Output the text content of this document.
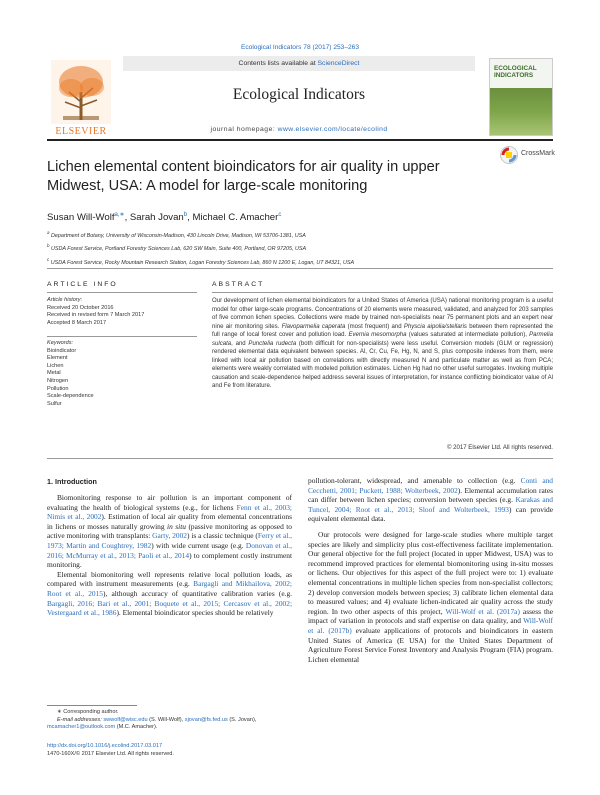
Ecological Indicators 78 (2017) 253–263
ELSEVIER
Contents lists available at ScienceDirect
Ecological Indicators
journal homepage: www.elsevier.com/locate/ecolind
ECOLOGICAL INDICATORS
Lichen elemental content bioindicators for air quality in upper Midwest, USA: A model for large-scale monitoring
CrossMark
Susan Will-Wolf$^{a,∗}$, Sarah Jovan$^b$, Michael C. Amacher$^c$
$^a$ Department of Botany, University of Wisconsin-Madison, 430 Lincoln Drive, Madison, WI 53706-1381, USA
$^b$ USDA Forest Service, Portland Forestry Sciences Lab, 620 SW Main, Suite 400, Portland, OR 97205, USA
$^c$ USDA Forest Service, Rocky Mountain Research Station, Logan Forestry Sciences Lab, 860 N 1200 E, Logan, UT 84321, USA
ARTICLE INFO	ABSTRACT
Article history:
Received 20 October 2016
Received in revised form 7 March 2017
Accepted 8 March 2017
Keywords:
Bioindicator
Element
Lichen
Metal
Nitrogen
Pollution
Scale-dependence
Sulfur
Our development of lichen elemental bioindicators for a United States of America (USA) national monitoring program is a useful model for other large-scale programs. Concentrations of 20 elements were measured, validated, and analyzed for 203 samples of five common lichen species. Collections were made by trained non-specialists near 75 permanent plots and an expert near nine air monitoring sites. Flavoparmelia caperata (most frequent) and Physcia aipolia/stellaris between them represented the full range of local forest cover and pollution load. Evernia mesomorpha (values saturated at intermediate pollution), Parmelia sulcata, and Punctelia rudecta (both difficult for non-specialists) were less useful. Conversion models (GLM or regression) rendered elemental data equivalent between species. Al, Cr, Cu, Fe, Hg, N, and S, plus composite indexes from them, were linked with local air pollution based on correlations with directly measured N and particulate matter as well as from PCA; elements were weakly correlated with modeled pollution estimates. Lichen Hg had no other useful surrogates. Invoking multiple causation and scale-dependence helped address several issues of interpretation, for instance conflicting bioindicator value of Al and Fe from literature.
© 2017 Elsevier Ltd. All rights reserved.
1. Introduction

Biomonitoring response to air pollution is an important component of evaluating the health of biological systems (e.g., for lichens Fenn et al., 2003; Nimis et al., 2002). Estimation of local air quality from elemental concentrations in lichens or mosses naturally growing in situ (passive monitoring as opposed to active monitoring with transplants: Garty, 2002) is a classic technique (Ferry et al., 1973; Martin and Coughtrey, 1982) with wide current usage (e.g. Donovan et al., 2016; McMurray et al., 2013; Paoli et al., 2014) to complement costly instrument monitoring.

Elemental biomonitoring well represents relative local pollution loads, as compared with instrument measurements (e.g. Bargagli and Mikhailova, 2002; Root et al., 2015), although accuracy of quantitative calibration varies (e.g. Bargagli, 2016; Bari et al., 2001; Boquete et al., 2015; Cercasov et al., 2002; Vestergaard et al., 1986). Elemental bioindicator species should be relatively

pollution-tolerant, widespread, and amenable to collection (e.g. Conti and Cecchetti, 2001; Puckett, 1988; Wolterbeek, 2002). Elemental accumulation rates can differ between lichen species; conversion between species (e.g. Karakas and Tuncel, 2004; Root et al., 2013; Sloof and Wolterbeek, 1993) can provide equivalent elemental data.

Our protocols were designed for large-scale studies where multiple target species are likely and simplicity plus cost-effectiveness facilitate implementation. Our general objective for the full project (located in upper Midwest, USA) was to recommend improved practices for elemental biomonitoring using in-situ mosses or lichens. Our objectives for this aspect of the full project were to: 1) evaluate elemental concentrations in multiple lichen species from non-specialist collectors; 2) develop conversion models between species; 3) calibrate lichen elemental data to measured values; and 4) evaluate lichen-indicated air quality across the study region. In two other aspects of this project, Will-Wolf et al. (2017a) assess the impact of variation in protocols and staff expertise on data quality, and Will-Wolf et al. (2017b) evaluate applications of protocols and bioindicators in eastern United States of America (E USA) for the United States Department of Agriculture Forest Service Forest Inventory and Analysis Program (FIA) program. Lichen elemental

∗ Corresponding author.
E-mail addresses: swwolf@wisc.edu (S. Will-Wolf), sjovan@fs.fed.us (S. Jovan),
mcamacher1@outlook.com (M.C. Amacher).
http://dx.doi.org/10.1016/j.ecolind.2017.03.017
1470-160X/© 2017 Elsevier Ltd. All rights reserved.
